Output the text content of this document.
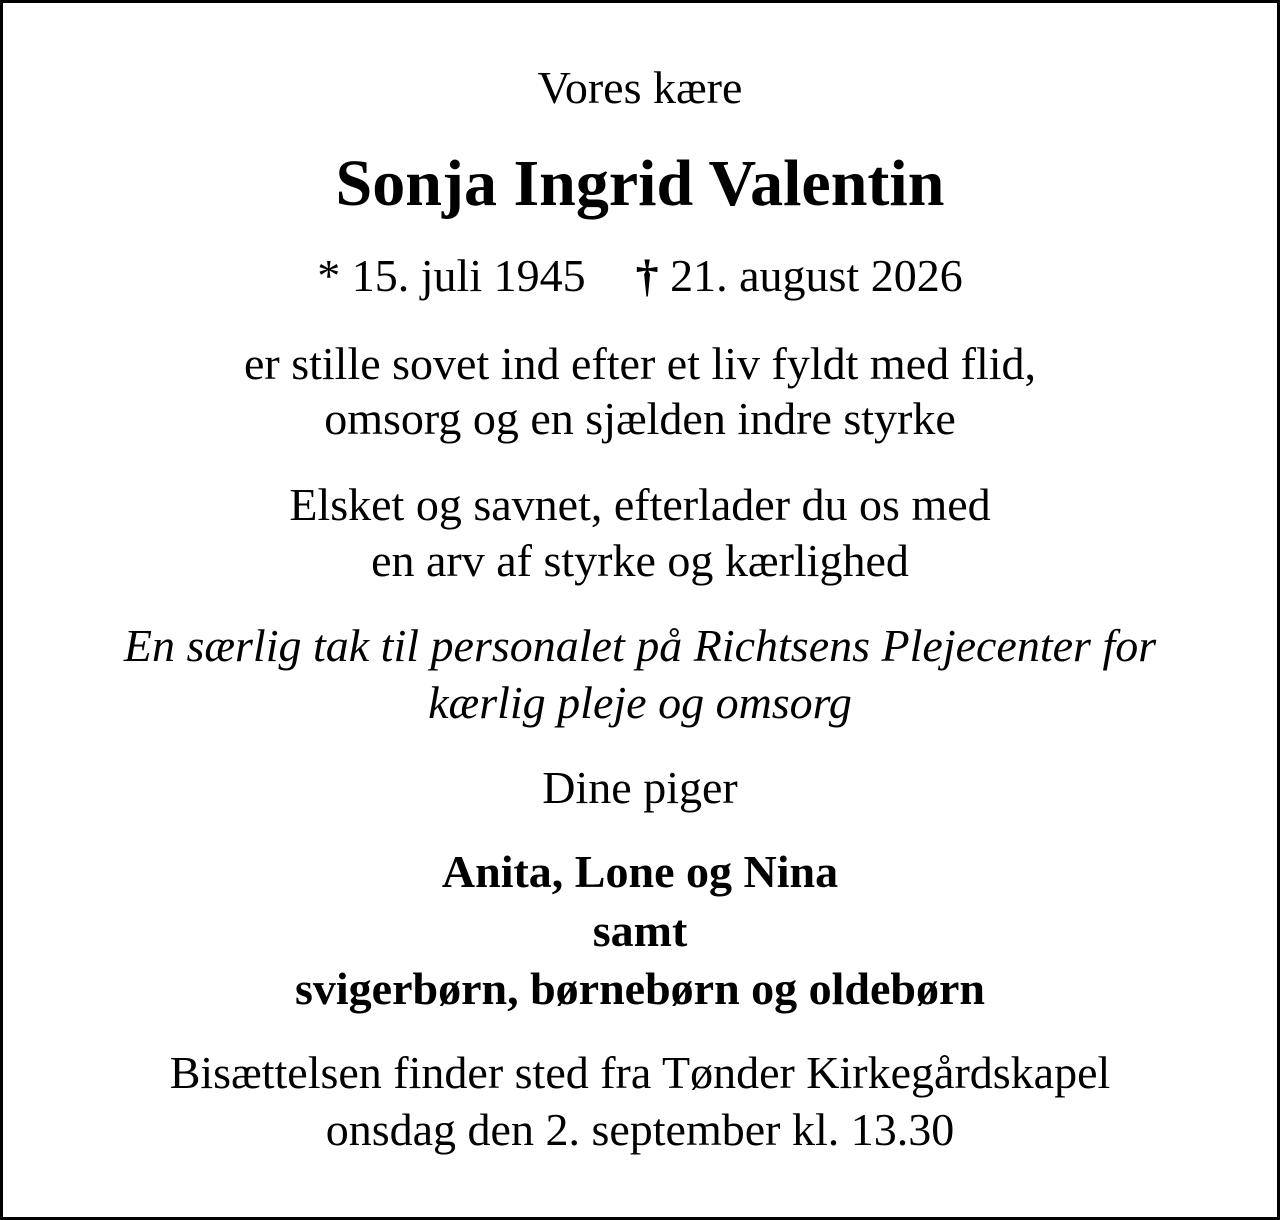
Vores kære
Sonja Ingrid Valentin
* 15. juli 1945 † 21. august 2026
er stille sovet ind efter et liv fyldt med flid,
omsorg og en sjælden indre styrke
Elsket og savnet, efterlader du os med
en arv af styrke og kærlighed
En særlig tak til personalet på Richtsens Plejecenter for
kærlig pleje og omsorg
Dine piger
Anita, Lone og Nina
samt
svigerbørn, børnebørn og oldebørn
Bisættelsen finder sted fra Tønder Kirkegårdskapel
onsdag den 2. september kl. 13.30
